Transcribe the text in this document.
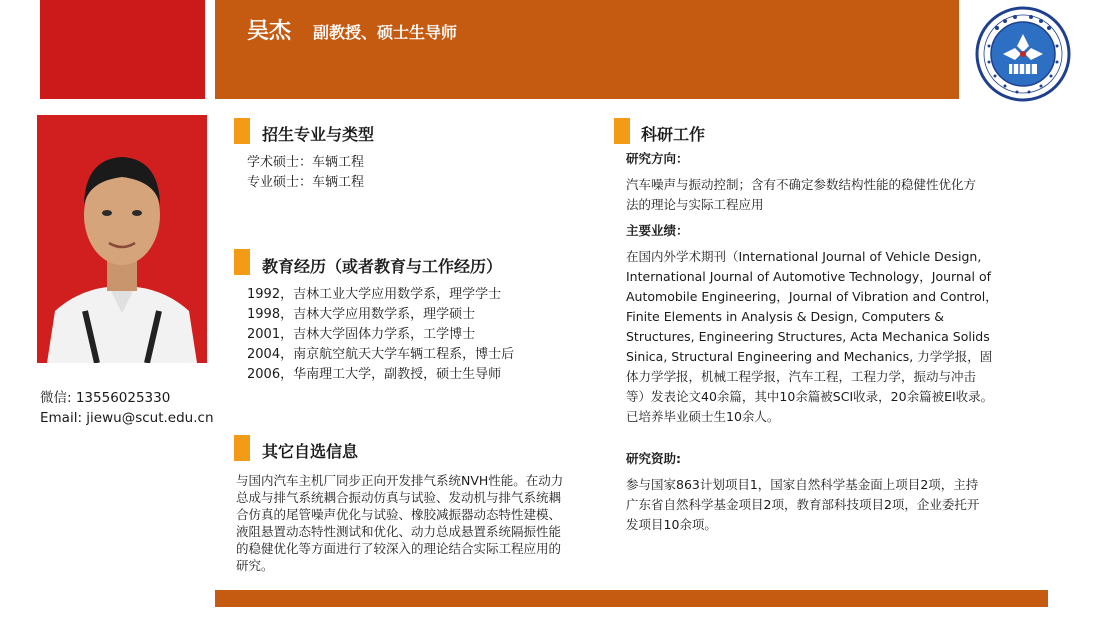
吴杰 副教授、硕士生导师
微信: 13556025330
Email: jiewu@scut.edu.cn
招生专业与类型

学术硕士：车辆工程

专业硕士：车辆工程

教育经历（或者教育与工作经历）

1992，吉林工业大学应用数学系，理学学士

1998，吉林大学应用数学系，理学硕士

2001，吉林大学固体力学系，工学博士

2004，南京航空航天大学车辆工程系，博士后

2006，华南理工大学，副教授，硕士生导师

其它自选信息

与国内汽车主机厂同步正向开发排气系统NVH性能。在动力

总成与排气系统耦合振动仿真与试验、发动机与排气系统耦

合仿真的尾管噪声优化与试验、橡胶减振器动态特性建模、

液阻悬置动态特性测试和优化、动力总成悬置系统隔振性能

的稳健优化等方面进行了较深入的理论结合实际工程应用的

研究。

科研工作

研究方向：

汽车噪声与振动控制；含有不确定参数结构性能的稳健性优化方

法的理论与实际工程应用

主要业绩：

在国内外学术期刊（International Journal of Vehicle Design,

International Journal of Automotive Technology，Journal of

Automobile Engineering，Journal of Vibration and Control，

Finite Elements in Analysis & Design, Computers &

Structures, Engineering Structures, Acta Mechanica Solids

Sinica, Structural Engineering and Mechanics, 力学学报，固

体力学学报，机械工程学报，汽车工程，工程力学，振动与冲击

等）发表论文40余篇，其中10余篇被SCI收录，20余篇被EI收录。

已培养毕业硕士生10余人。

研究资助:

参与国家863计划项目1，国家自然科学基金面上项目2项，主持

广东省自然科学基金项目2项，教育部科技项目2项，企业委托开

发项目10余项。
